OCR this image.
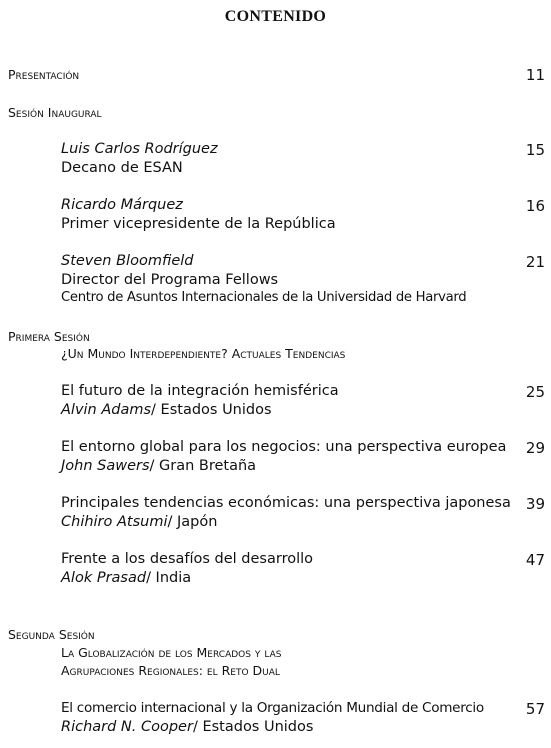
CONTENIDO
Presentación	11
Sesión Inaugural
Luis Carlos Rodríguez	15
Decano de ESAN
Ricardo Márquez	16
Primer vicepresidente de la República
Steven Bloomfield	21
Director del Programa Fellows
Centro de Asuntos Internacionales de la Universidad de Harvard
Primera Sesión
¿Un Mundo Interdependiente? Actuales Tendencias
El futuro de la integración hemisférica	25
Alvin Adams/ Estados Unidos
El entorno global para los negocios: una perspectiva europea 29
John Sawers/ Gran Bretaña
Principales tendencias económicas: una perspectiva japonesa 39
Chihiro Atsumi/ Japón
Frente a los desafíos del desarrollo	47
Alok Prasad/ India
Segunda Sesión
La Globalización de los Mercados y las
Agrupaciones Regionales: el Reto Dual
El comercio internacional y la Organización Mundial de Comercio	57
Richard N. Cooper/ Estados Unidos
